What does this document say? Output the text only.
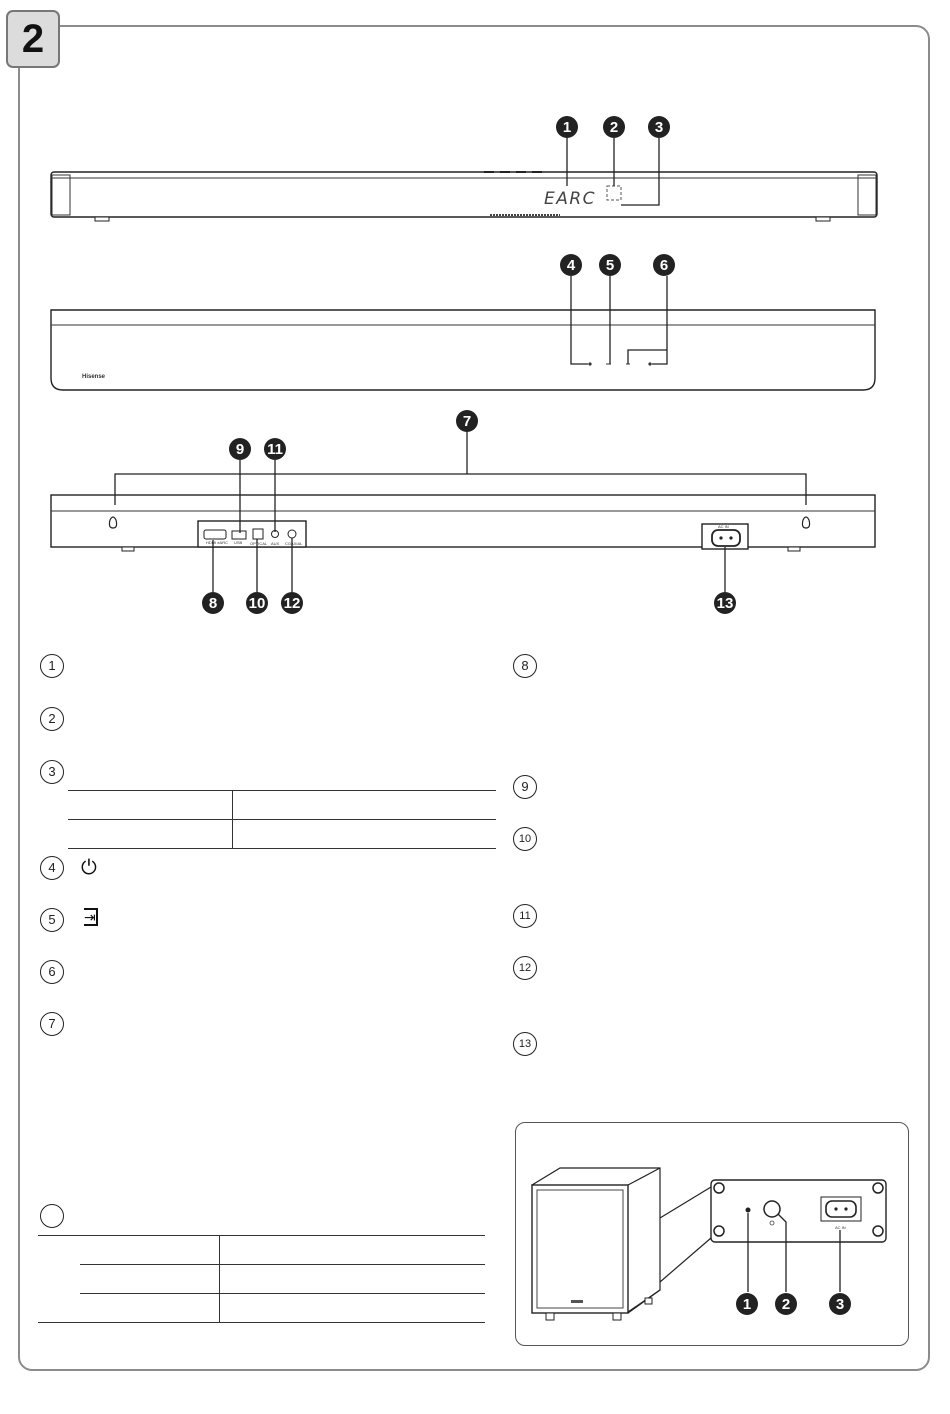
2
EARC
Hisense
HDMI eARC USB OPTICAL AUX COAXIAL
AC IN
1	2 3
4 5	6
7
9 11
8 10 12	13
AC IN
1 2	3
1
2
3
4	⏻
5	⇥
6
7
8
9
10
11
12
13
